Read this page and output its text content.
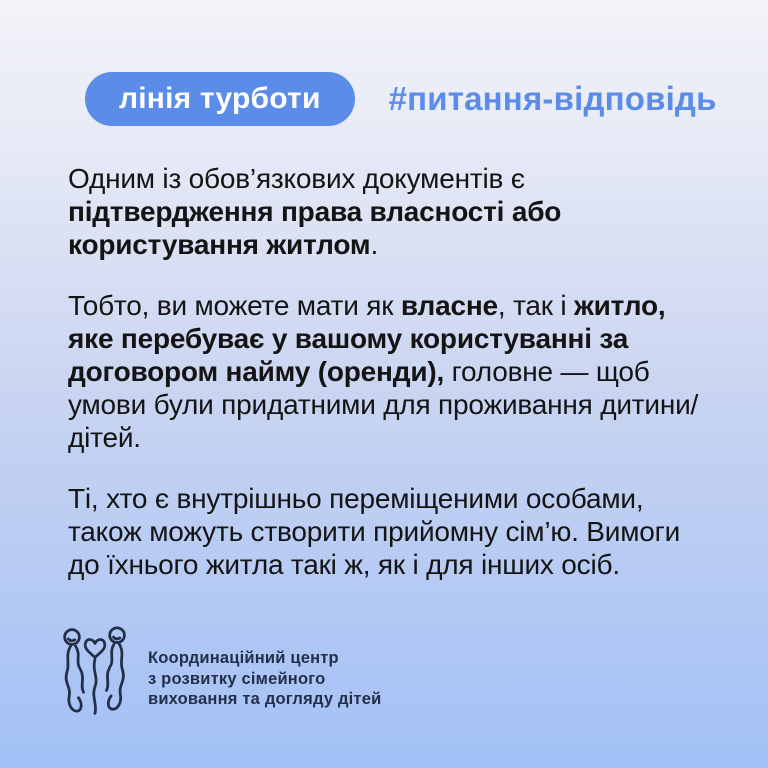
лінія турботи #питання-відповідь

Одним із обов’язкових документів є підтвердження права власності або користування житлом.

Тобто, ви можете мати як власне, так і житло, яке перебуває у вашому користуванні за договором найму (оренди), головне — щоб умови були придатними для проживання дитини/дітей.

Ті, хто є внутрішньо переміщеними особами, також можуть створити прийомну сім’ю. Вимоги до їхнього житла такі ж, як і для інших осіб.

Координаційний центр
з розвитку сімейного
виховання та догляду дітей
